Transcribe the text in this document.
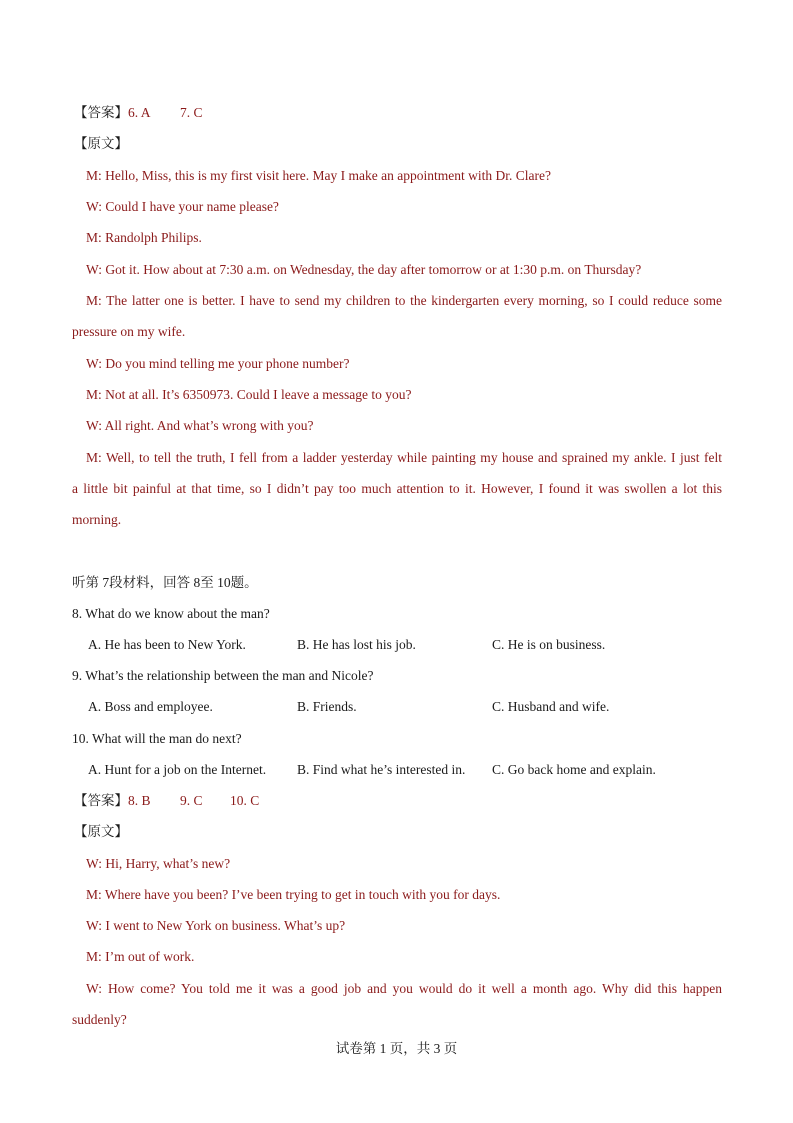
【答案】 6. A 7. C
【原文】
M: Hello, Miss, this is my first visit here. May I make an appointment with Dr. Clare?
W: Could I have your name please?
M: Randolph Philips.
W: Got it. How about at 7:30 a.m. on Wednesday, the day after tomorrow or at 1:30 p.m. on Thursday?
M: The latter one is better. I have to send my children to the kindergarten every morning, so I could reduce some
pressure on my wife.
W: Do you mind telling me your phone number?
M: Not at all. It’s 6350973. Could I leave a message to you?
W: All right. And what’s wrong with you?
M: Well, to tell the truth, I fell from a ladder yesterday while painting my house and sprained my ankle. I just felt
a little bit painful at that time, so I didn’t pay too much attention to it. However, I found it was swollen a lot this
morning.
听第 7段材料，回答 8至 10题。
8. What do we know about the man?
A. He has been to New York.	B. He has lost his job.	C. He is on business.
9. What’s the relationship between the man and Nicole?
A. Boss and employee.	B. Friends.	C. Husband and wife.
10. What will the man do next?
A. Hunt for a job on the Internet. B. Find what he’s interested in. C. Go back home and explain.
【答案】 8. B 9. C 10. C
【原文】
W: Hi, Harry, what’s new?
M: Where have you been? I’ve been trying to get in touch with you for days.
W: I went to New York on business. What’s up?
M: I’m out of work.
W: How come? You told me it was a good job and you would do it well a month ago. Why did this happen
suddenly?
试卷第 1 页，共 3 页
